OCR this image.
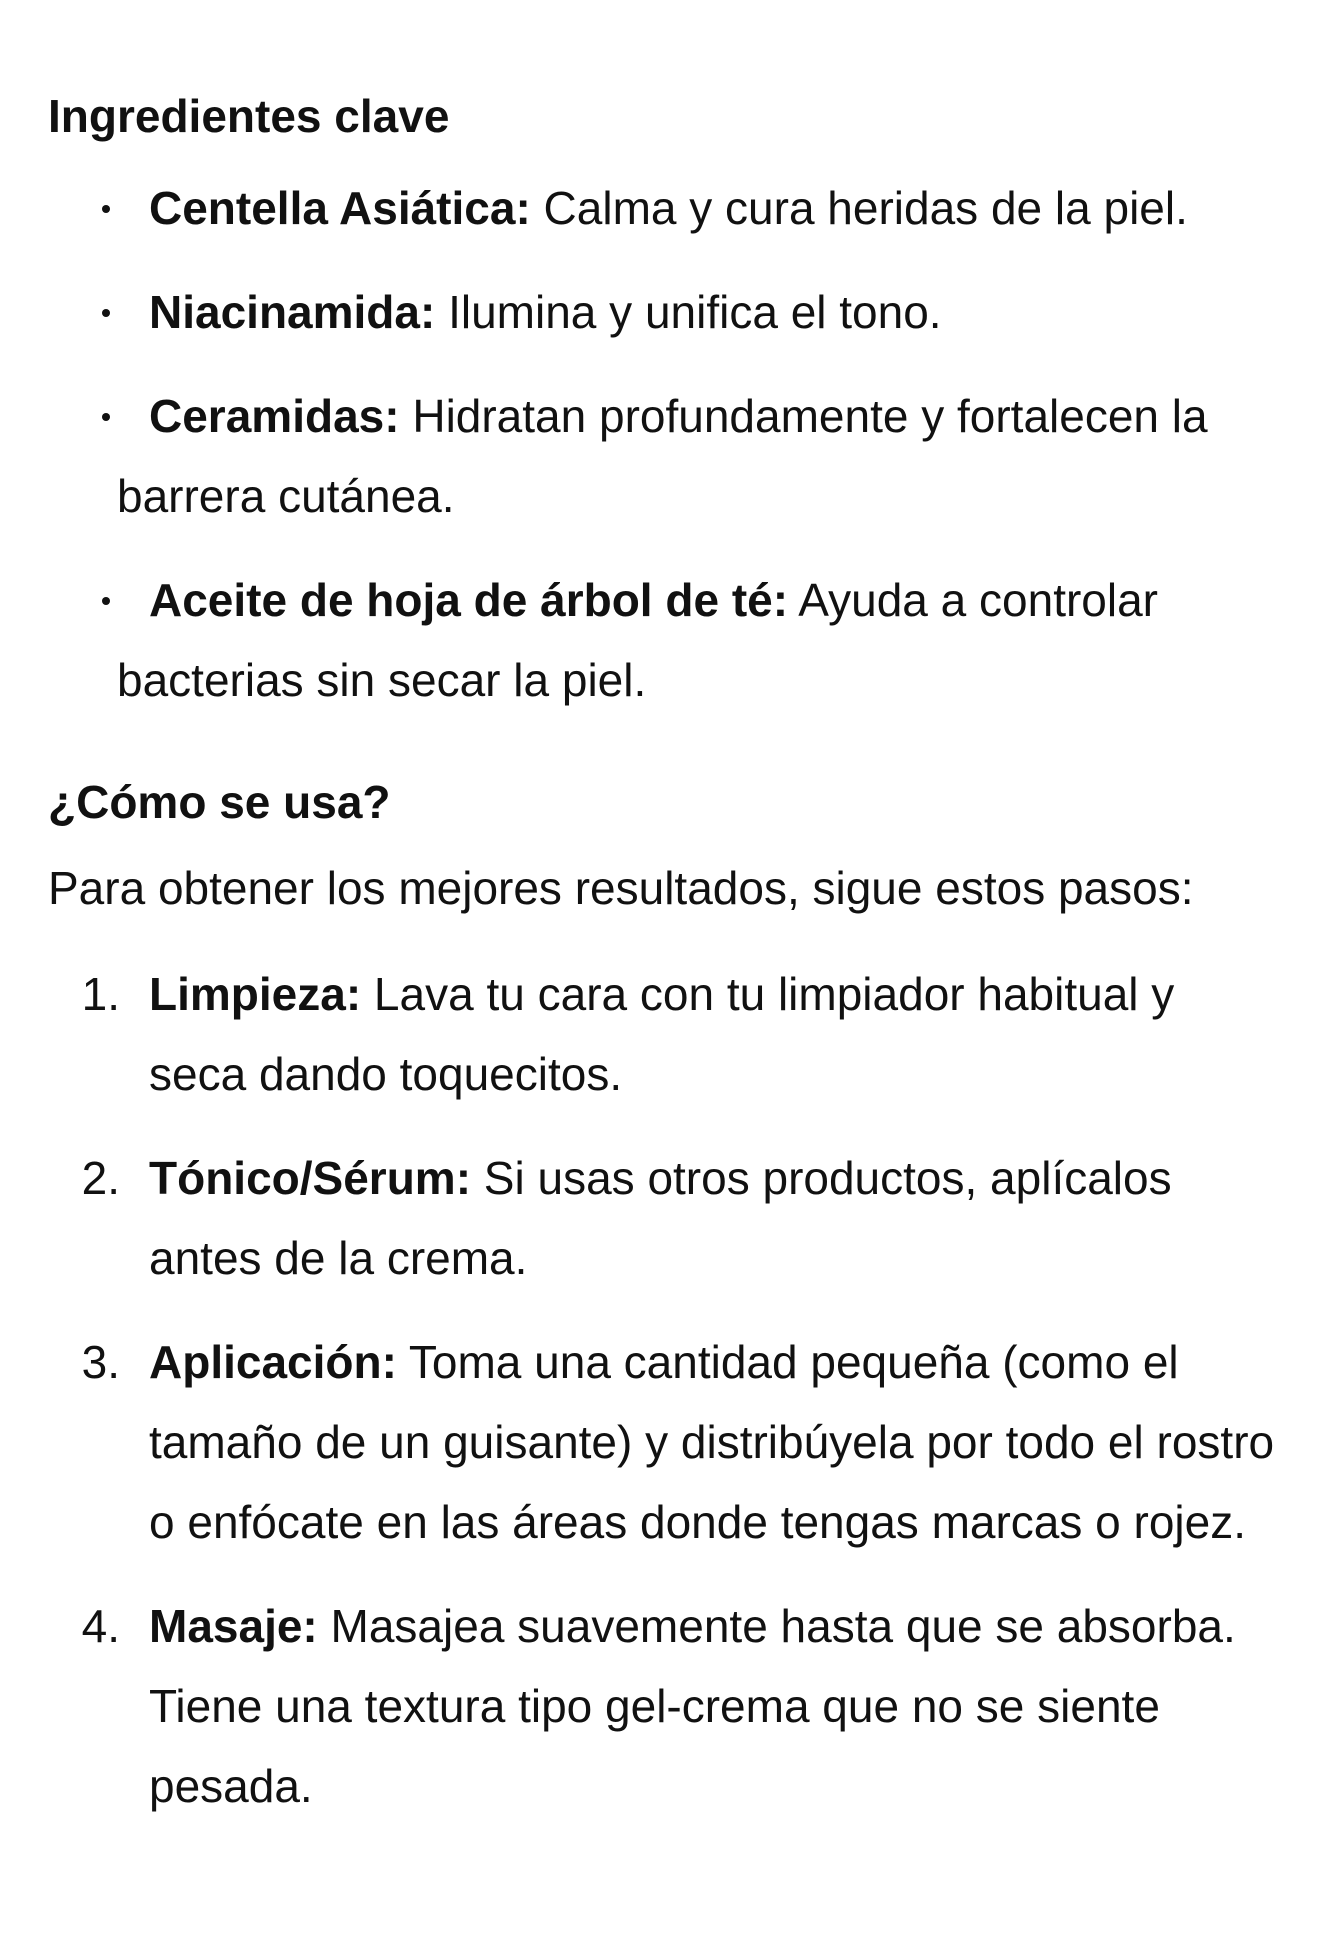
Ingredientes clave
Centella Asiática: Calma y cura heridas de la piel.
Niacinamida: Ilumina y unifica el tono.
Ceramidas: Hidratan profundamente y fortalecen la barrera cutánea.
Aceite de hoja de árbol de té: Ayuda a controlar bacterias sin secar la piel.
¿Cómo se usa?

Para obtener los mejores resultados, sigue estos pasos:

1. Limpieza: Lava tu cara con tu limpiador habitual y seca dando toquecitos.
2. Tónico/Sérum: Si usas otros productos, aplícalos antes de la crema.
3. Aplicación: Toma una cantidad pequeña (como el tamaño de un guisante) y distribúyela por todo el rostro o enfócate en las áreas donde tengas marcas o rojez.
4. Masaje: Masajea suavemente hasta que se absorba. Tiene una textura tipo gel-crema que no se siente pesada.
